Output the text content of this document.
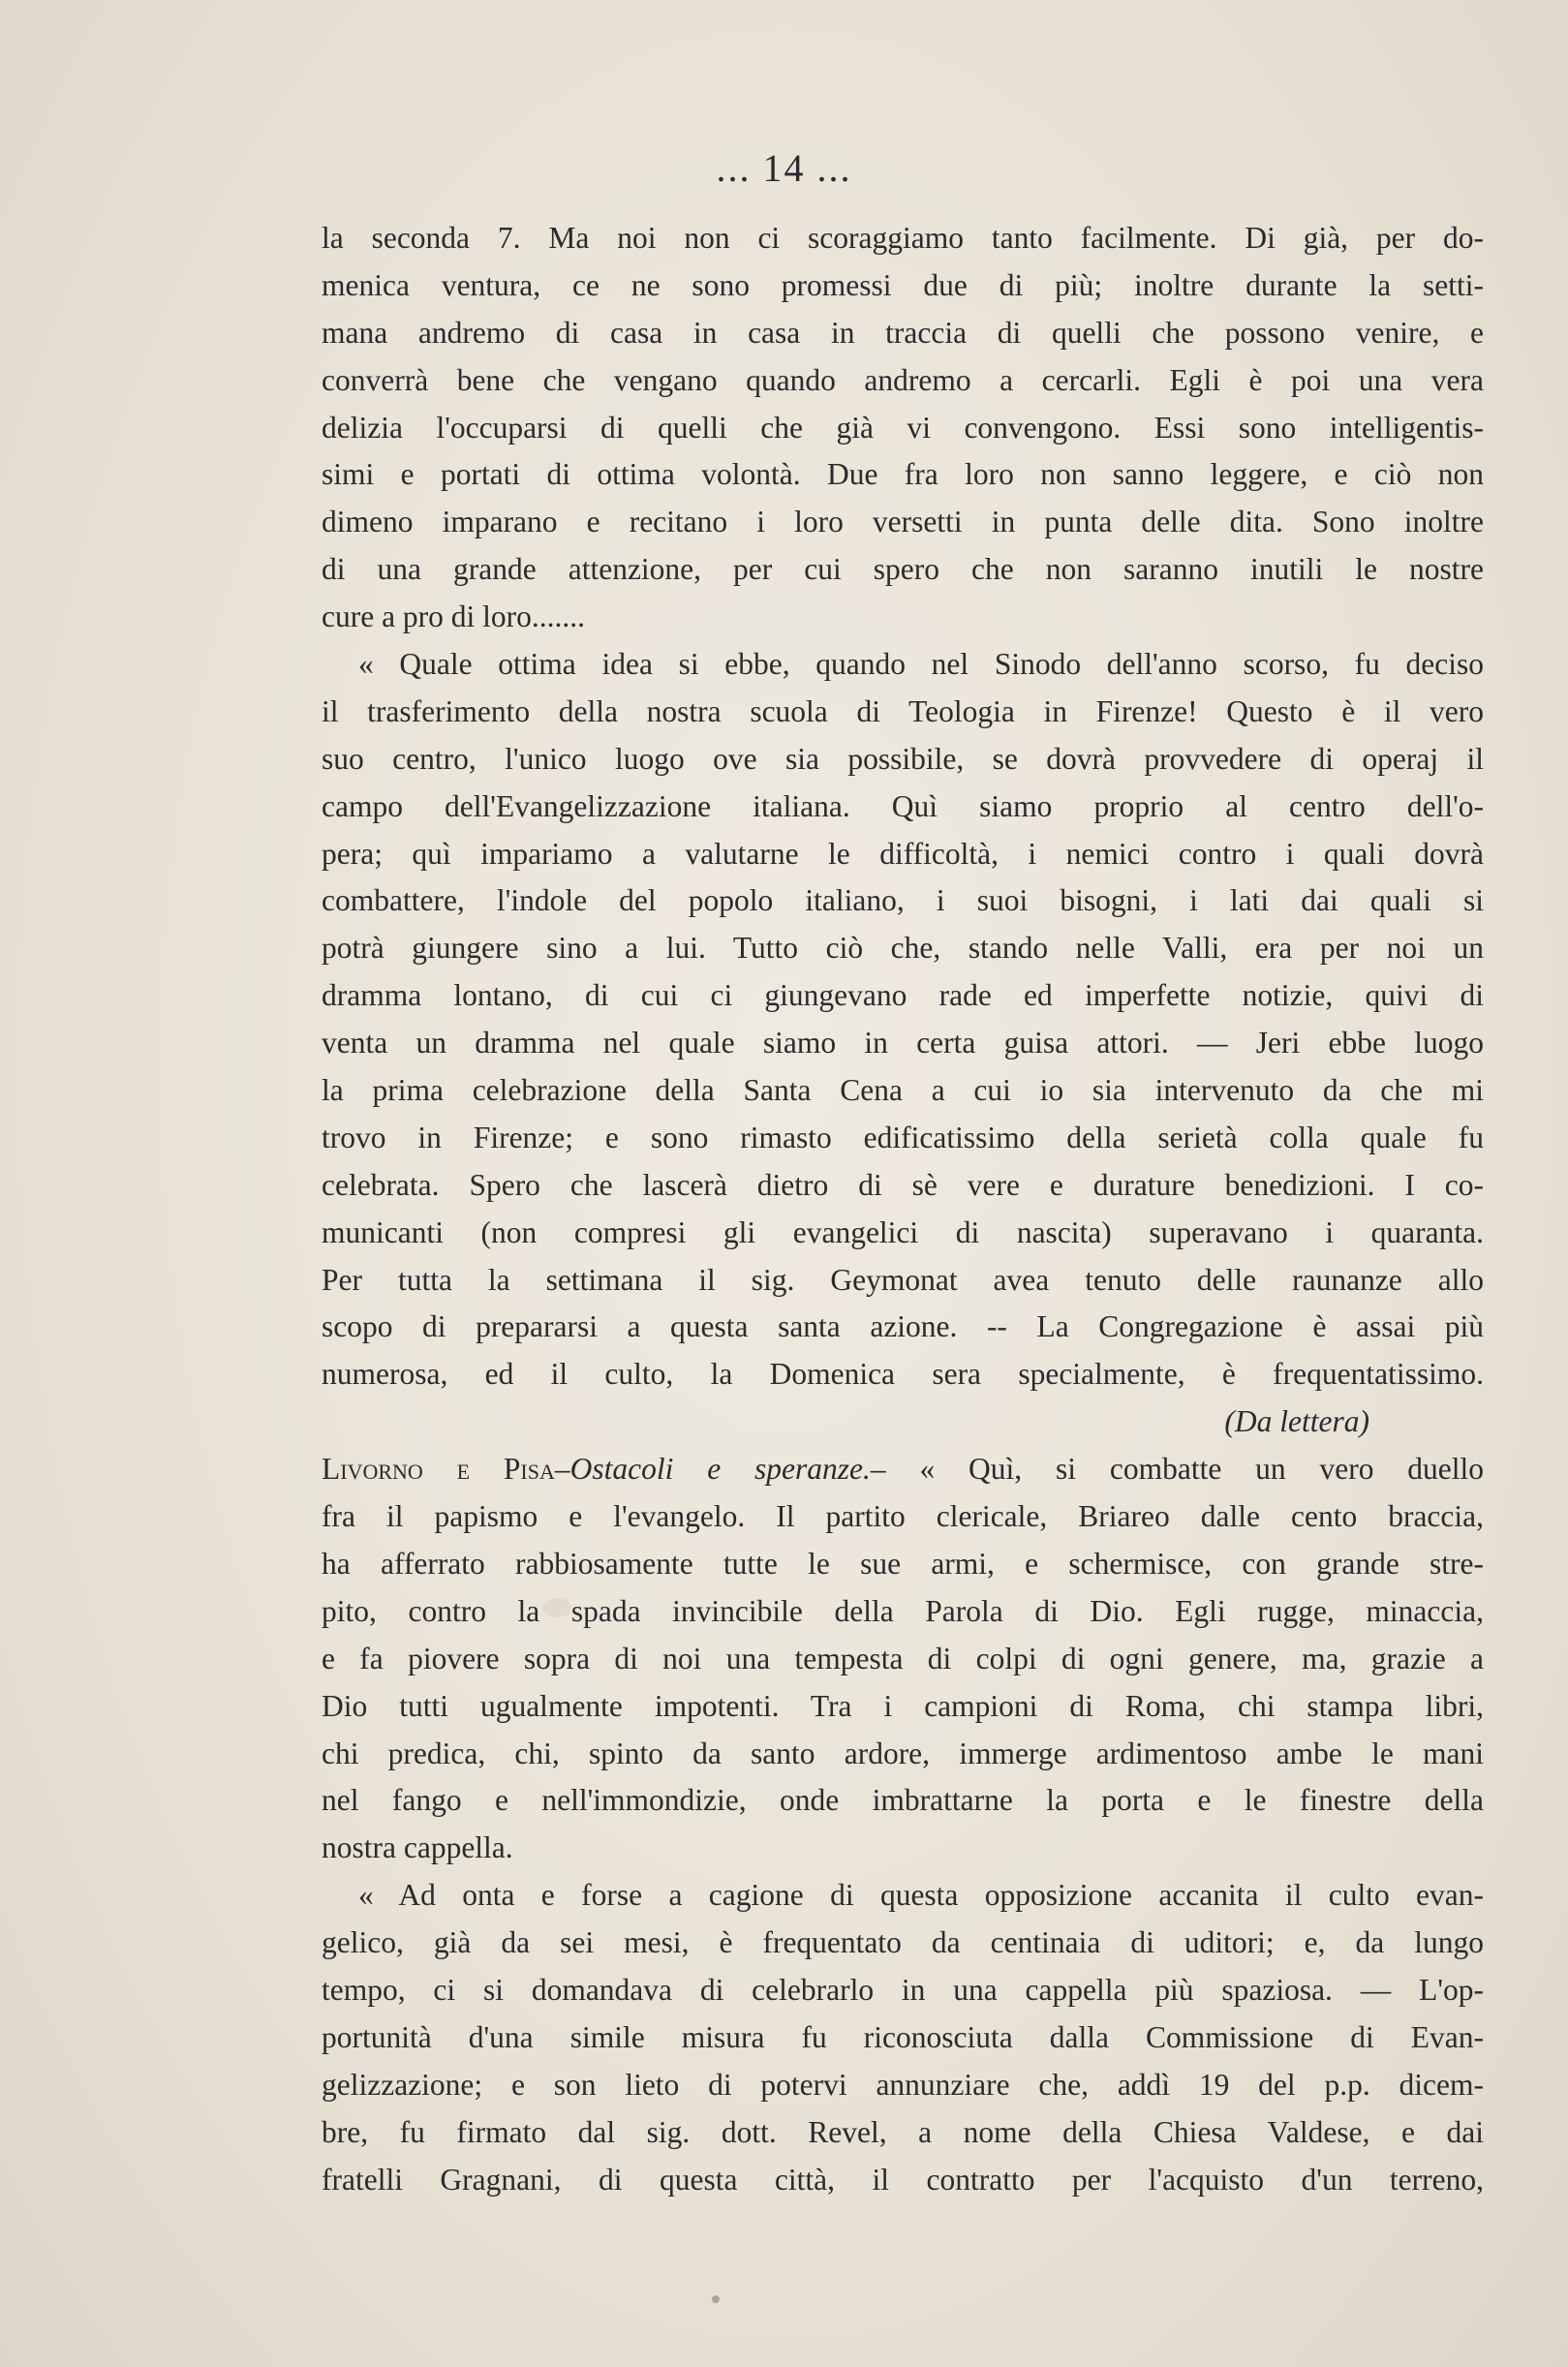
... 14 ...
la seconda 7. Ma noi non ci scoraggiamo tanto facilmente. Di già, per do-
menica ventura, ce ne sono promessi due di più; inoltre durante la setti-
mana andremo di casa in casa in traccia di quelli che possono venire, e
converrà bene che vengano quando andremo a cercarli. Egli è poi una vera
delizia l'occuparsi di quelli che già vi convengono. Essi sono intelligentis-
simi e portati di ottima volontà. Due fra loro non sanno leggere, e ciò non
dimeno imparano e recitano i loro versetti in punta delle dita. Sono inoltre
di una grande attenzione, per cui spero che non saranno inutili le nostre
cure a pro di loro.......
« Quale ottima idea si ebbe, quando nel Sinodo dell'anno scorso, fu deciso
il trasferimento della nostra scuola di Teologia in Firenze! Questo è il vero
suo centro, l'unico luogo ove sia possibile, se dovrà provvedere di operaj il
campo dell'Evangelizzazione italiana. Quì siamo proprio al centro dell'o-
pera; quì impariamo a valutarne le difficoltà, i nemici contro i quali dovrà
combattere, l'indole del popolo italiano, i suoi bisogni, i lati dai quali si
potrà giungere sino a lui. Tutto ciò che, stando nelle Valli, era per noi un
dramma lontano, di cui ci giungevano rade ed imperfette notizie, quivi di
venta un dramma nel quale siamo in certa guisa attori. — Jeri ebbe luogo
la prima celebrazione della Santa Cena a cui io sia intervenuto da che mi
trovo in Firenze; e sono rimasto edificatissimo della serietà colla quale fu
celebrata. Spero che lascerà dietro di sè vere e durature benedizioni. I co-
municanti (non compresi gli evangelici di nascita) superavano i quaranta.
Per tutta la settimana il sig. Geymonat avea tenuto delle raunanze allo
scopo di prepararsi a questa santa azione. -- La Congregazione è assai più
numerosa, ed il culto, la Domenica sera specialmente, è frequentatissimo.
(Da lettera)
Livorno e Pisa–Ostacoli e speranze.– « Quì, si combatte un vero duello
fra il papismo e l'evangelo. Il partito clericale, Briareo dalle cento braccia,
ha afferrato rabbiosamente tutte le sue armi, e schermisce, con grande stre-
pito, contro la spada invincibile della Parola di Dio. Egli rugge, minaccia,
e fa piovere sopra di noi una tempesta di colpi di ogni genere, ma, grazie a
Dio tutti ugualmente impotenti. Tra i campioni di Roma, chi stampa libri,
chi predica, chi, spinto da santo ardore, immerge ardimentoso ambe le mani
nel fango e nell'immondizie, onde imbrattarne la porta e le finestre della
nostra cappella.
« Ad onta e forse a cagione di questa opposizione accanita il culto evan-
gelico, già da sei mesi, è frequentato da centinaia di uditori; e, da lungo
tempo, ci si domandava di celebrarlo in una cappella più spaziosa. — L'op-
portunità d'una simile misura fu riconosciuta dalla Commissione di Evan-
gelizzazione; e son lieto di potervi annunziare che, addì 19 del p.p. dicem-
bre, fu firmato dal sig. dott. Revel, a nome della Chiesa Valdese, e dai
fratelli Gragnani, di questa città, il contratto per l'acquisto d'un terreno,
